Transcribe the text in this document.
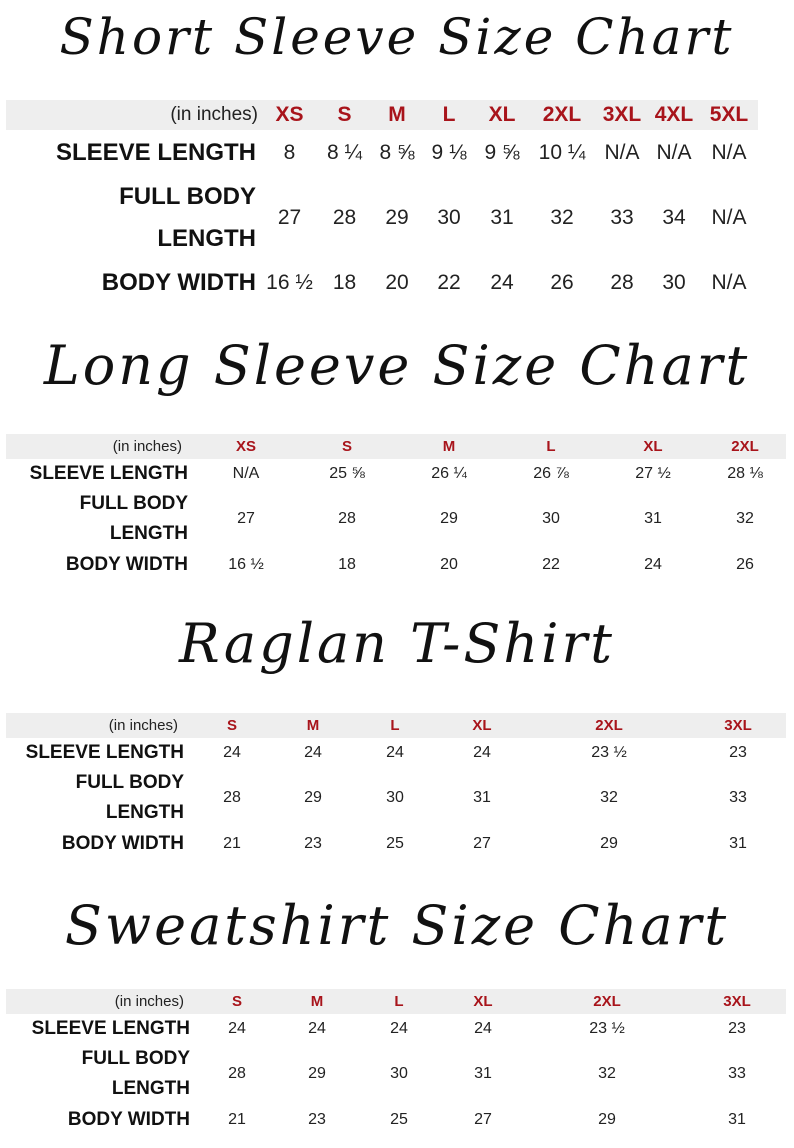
Short Sleeve Size Chart
(in inches)	XS	S	M	L	XL	2XL	3XL	4XL	5XL
SLEEVE LENGTH	8	8 ¼	8 ⅝	9 ⅛	9 ⅝	10 ¼	N/A	N/A	N/A
FULL BODY
LENGTH	27	28	29	30	31	32	33	34	N/A
BODY WIDTH	16 ½	18	20	22	24	26	28	30	N/A
Long Sleeve Size Chart
(in inches)	XS	S	M	L	XL	2XL
SLEEVE LENGTH	N/A	25 ⅝	26 ¼	26 ⅞	27 ½	28 ⅛
FULL BODY
LENGTH	27	28	29	30	31	32
BODY WIDTH	16 ½	18	20	22	24	26
Raglan T-Shirt
(in inches)	S	M	L	XL	2XL	3XL
SLEEVE LENGTH	24	24	24	24	23 ½	23
FULL BODY
LENGTH	28	29	30	31	32	33
BODY WIDTH	21	23	25	27	29	31
Sweatshirt Size Chart
(in inches)	S	M	L	XL	2XL	3XL
SLEEVE LENGTH	24	24	24	24	23 ½	23
FULL BODY
LENGTH	28	29	30	31	32	33
BODY WIDTH	21	23	25	27	29	31
